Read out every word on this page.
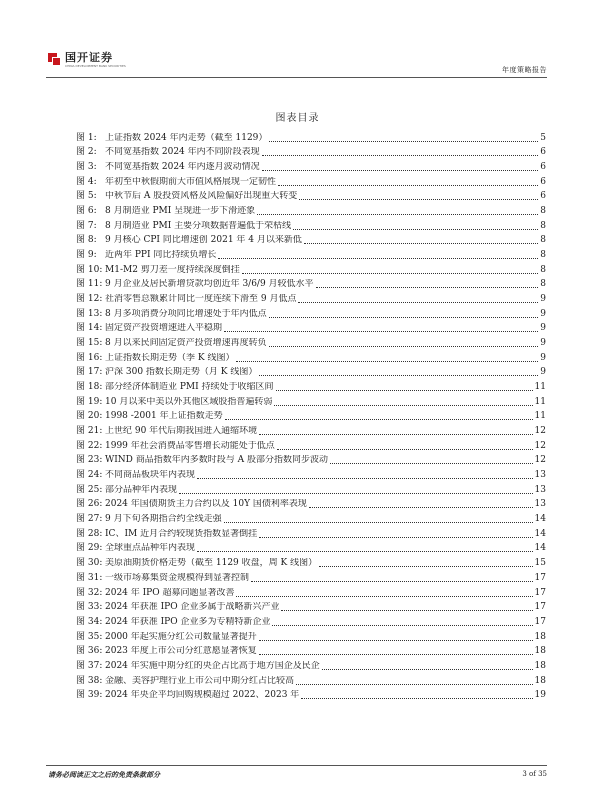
国开证券
CHINA DEVELOPMENT BANK SECURITIES	年度策略报告
图表目录
图 1: 上证指数 2024 年内走势（截至 1129）	5
图 2: 不同宽基指数 2024 年内不同阶段表现	6
图 3: 不同宽基指数 2024 年内逐月波动情况	6
图 4: 年初至中秋假期前大市值风格展现一定韧性	6
图 5: 中秋节后 A 股投资风格及风险偏好出现重大转变	6
图 6: 8 月制造业 PMI 呈现进一步下滑迹象	8
图 7: 8 月制造业 PMI 主要分项数据普遍低于荣枯线	8
图 8: 9 月核心 CPI 同比增速创 2021 年 4 月以来新低	8
图 9: 近两年 PPI 同比持续负增长	8
图 10: M1-M2 剪刀差一度持续深度倒挂	8
图 11: 9 月企业及居民新增贷款均创近年 3/6/9 月较低水平	8
图 12: 社消零售总额累计同比一度连续下滑至 9 月低点	9
图 13: 8 月多项消费分项同比增速处于年内低点	9
图 14: 固定资产投资增速进入平稳期	9
图 15: 8 月以来民间固定资产投资增速再度转负	9
图 16: 上证指数长期走势（季 K 线图）	9
图 17: 沪深 300 指数长期走势（月 K 线图）	9
图 18: 部分经济体制造业 PMI 持续处于收缩区间	11
图 19: 10 月以来中美以外其他区域股指普遍转弱	11
图 20: 1998 -2001 年上证指数走势	11
图 21: 上世纪 90 年代后期我国进入通缩环境	12
图 22: 1999 年社会消费品零售增长动能处于低点	12
图 23: WIND 商品指数年内多数时段与 A 股部分指数同步波动	12
图 24: 不同商品板块年内表现	13
图 25: 部分品种年内表现	13
图 26: 2024 年国债期货主力合约以及 10Y 国债利率表现	13
图 27: 9 月下旬各期指合约全线走强	14
图 28: IC、IM 近月合约较现货指数显著倒挂	14
图 29: 全球重点品种年内表现	14
图 30: 美原油期货价格走势（截至 1129 收盘，周 K 线图）	15
图 31: 一级市场募集资金规模得到显著控制	17
图 32: 2024 年 IPO 超募问题显著改善	17
图 33: 2024 年获准 IPO 企业多属于战略新兴产业	17
图 34: 2024 年获准 IPO 企业多为专精特新企业	17
图 35: 2000 年起实施分红公司数量显著提升	18
图 36: 2023 年度上市公司分红意愿显著恢复	18
图 37: 2024 年实施中期分红的央企占比高于地方国企及民企	18
图 38: 金融、美容护理行业上市公司中期分红占比较高	18
图 39: 2024 年央企平均回购规模超过 2022、2023 年	19
请务必阅读正文之后的免责条款部分	3 of 35
